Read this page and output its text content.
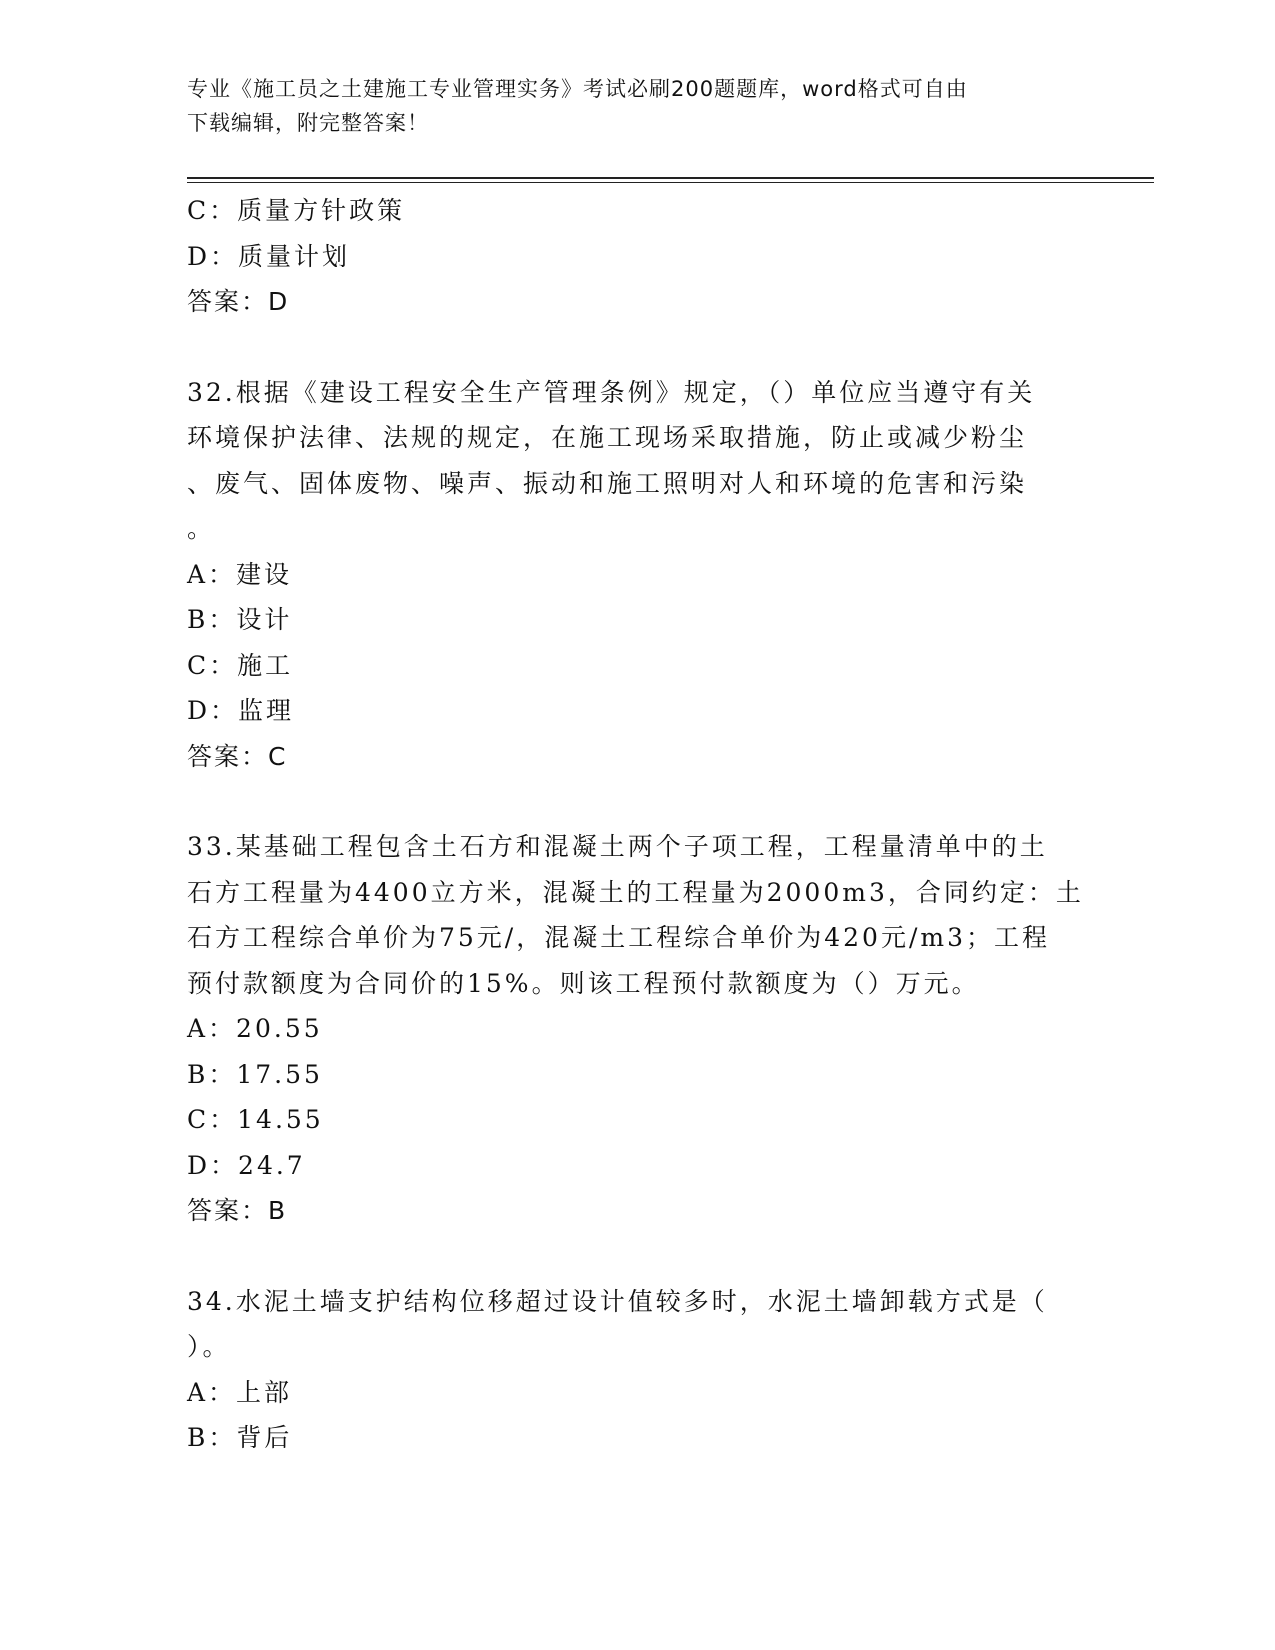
专业《施工员之土建施工专业管理实务》考试必刷200题题库，word格式可自由
下载编辑，附完整答案！
C：质量方针政策
D：质量计划
答案：D
32.根据《建设工程安全生产管理条例》规定，（）单位应当遵守有关
环境保护法律、法规的规定，在施工现场采取措施，防止或减少粉尘
、废气、固体废物、噪声、振动和施工照明对人和环境的危害和污染
。
A：建设
B：设计
C：施工
D：监理
答案：C
33.某基础工程包含土石方和混凝土两个子项工程，工程量清单中的土
石方工程量为4400立方米，混凝土的工程量为2000m3，合同约定：土
石方工程综合单价为75元/，混凝土工程综合单价为420元/m3；工程
预付款额度为合同价的15%。则该工程预付款额度为（）万元。
A：20.55
B：17.55
C：14.55
D：24.7
答案：B
34.水泥土墙支护结构位移超过设计值较多时，水泥土墙卸载方式是（
）。
A：上部
B：背后
